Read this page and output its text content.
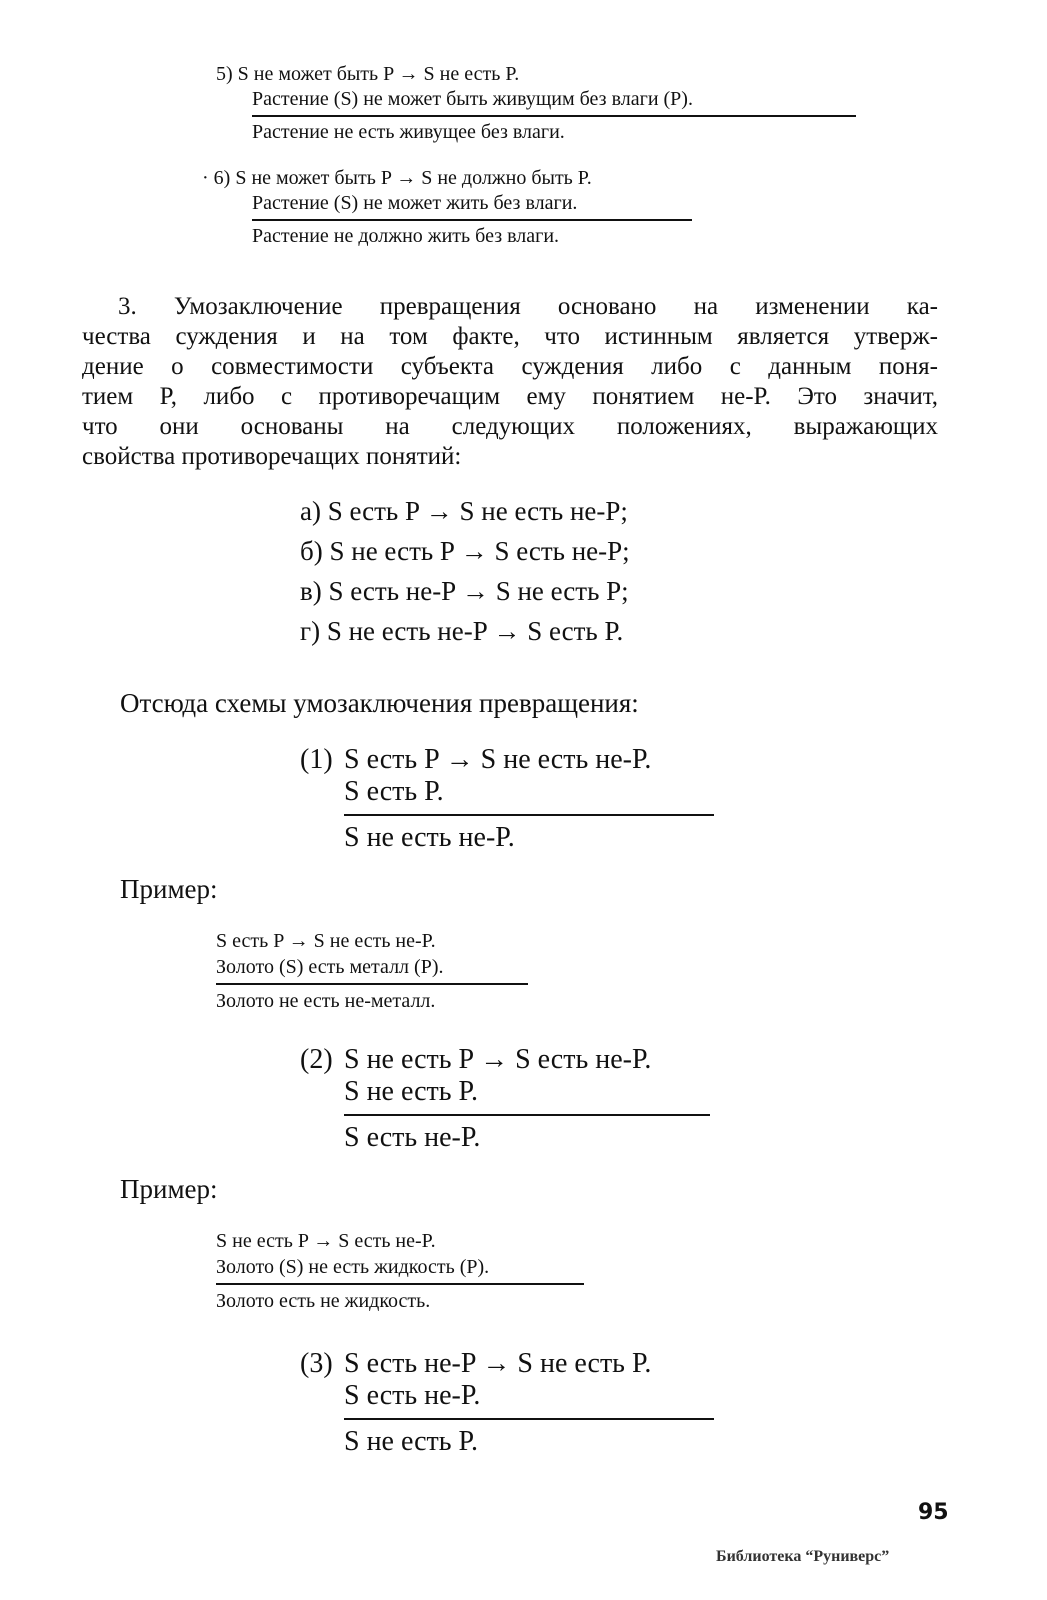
5) S не может быть P → S не есть P.
Растение (S) не может быть живущим без влаги (P).
Растение не есть живущее без влаги.
· 6) S не может быть P → S не должно быть P.
Растение (S) не может жить без влаги.
Растение не должно жить без влаги.
3. Умозаключение превращения основано на изменении ка-
чества суждения и на том факте, что истинным является утверж-
дение о совместимости субъекта суждения либо с данным поня-
тием P, либо с противоречащим ему понятием не-P. Это значит,
что они основаны на следующих положениях, выражающих
свойства противоречащих понятий:
а) S есть P → S не есть не-P;
б) S не есть P → S есть не-P;
в) S есть не-P → S не есть P;
г) S не есть не-P → S есть P.
Отсюда схемы умозаключения превращения:
(1) S есть P → S не есть не-P.
S есть P.
S не есть не-P.
Пример:
S есть P → S не есть не-P.
Золото (S) есть металл (P).
Золото не есть не-металл.
(2) S не есть P → S есть не-P.
S не есть P.
S есть не-P.
Пример:
S не есть P → S есть не-P.
Золото (S) не есть жидкость (P).
Золото есть не жидкость.
(3) S есть не-P → S не есть P.
S есть не-P.
S не есть P.
95
Библиотека “Руниверс”
